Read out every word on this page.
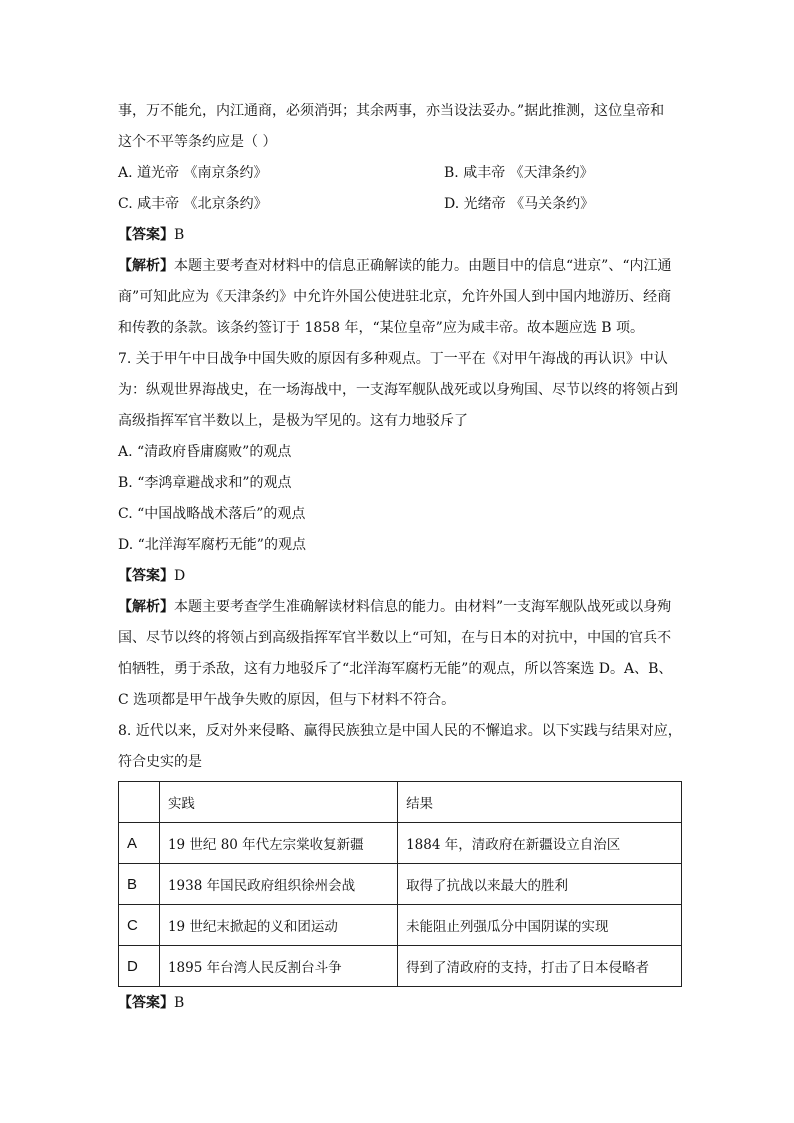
事，万不能允，内江通商，必须消弭；其余两事，亦当设法妥办。”据此推测，这位皇帝和

这个不平等条约应是（ ）

A. 道光帝 《南京条约》	B. 咸丰帝 《天津条约》
C. 咸丰帝 《北京条约》	D. 光绪帝 《马关条约》

【答案】B

【解析】本题主要考查对材料中的信息正确解读的能力。由题目中的信息“进京”、“内江通商”可知此应为《天津条约》中允许外国公使进驻北京，允许外国人到中国内地游历、经商和传教的条款。该条约签订于 1858 年，“某位皇帝”应为咸丰帝。故本题应选 B 项。

7. 关于甲午中日战争中国失败的原因有多种观点。丁一平在《对甲午海战的再认识》中认为：纵观世界海战史，在一场海战中，一支海军舰队战死或以身殉国、尽节以终的将领占到高级指挥军官半数以上，是极为罕见的。这有力地驳斥了

A. “清政府昏庸腐败”的观点

B. “李鸿章避战求和”的观点

C. “中国战略战术落后”的观点

D. “北洋海军腐朽无能”的观点

【答案】D

【解析】本题主要考查学生准确解读材料信息的能力。由材料”一支海军舰队战死或以身殉国、尽节以终的将领占到高级指挥军官半数以上“可知，在与日本的对抗中，中国的官兵不怕牺牲，勇于杀敌，这有力地驳斥了“北洋海军腐朽无能”的观点，所以答案选 D。A、B、C 选项都是甲午战争失败的原因，但与下材料不符合。

8. 近代以来，反对外来侵略、赢得民族独立是中国人民的不懈追求。以下实践与结果对应，符合史实的是

	实践	结果
A	19 世纪 80 年代左宗棠收复新疆	1884 年，清政府在新疆设立自治区
B	1938 年国民政府组织徐州会战	取得了抗战以来最大的胜利
C	19 世纪末掀起的义和团运动	未能阻止列强瓜分中国阴谋的实现
D	1895 年台湾人民反割台斗争	得到了清政府的支持，打击了日本侵略者

【答案】B
